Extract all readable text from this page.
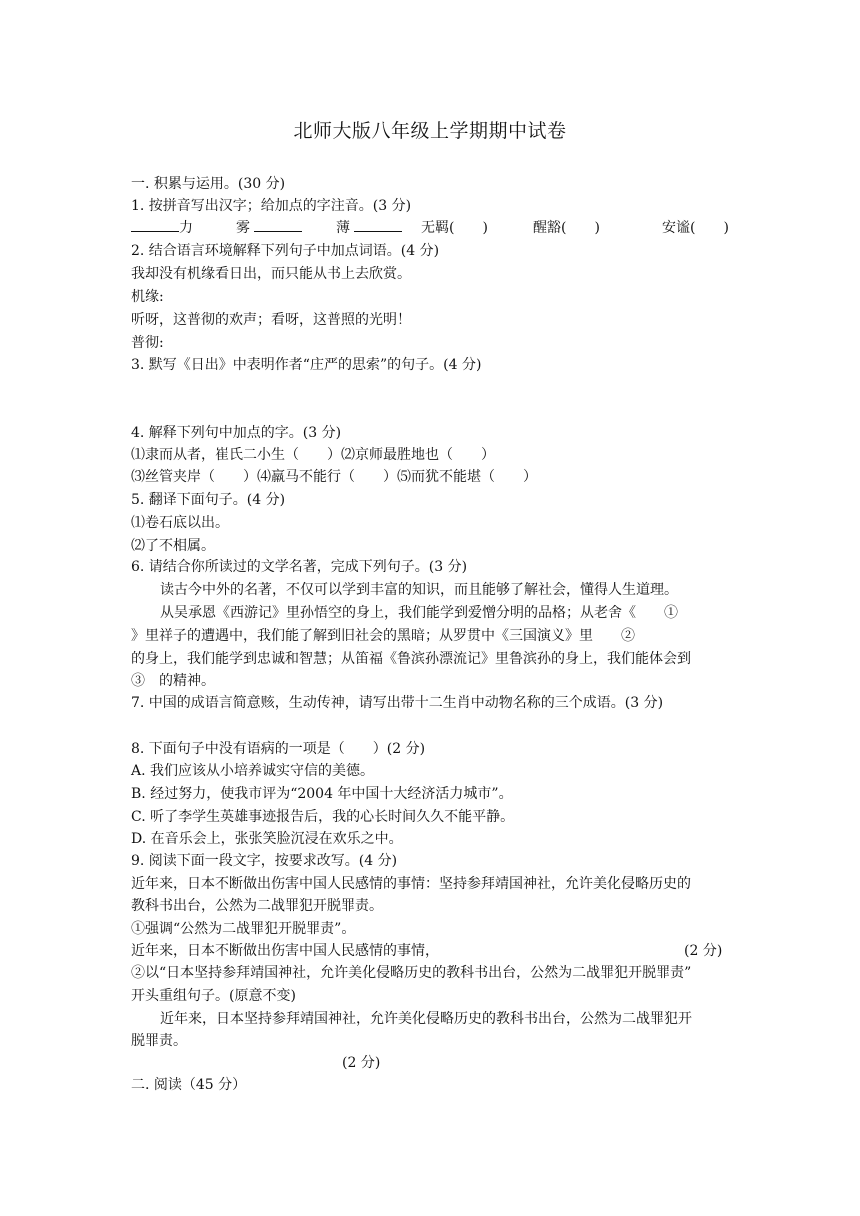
北师大版八年级上学期期中试卷
一. 积累与运用。(30 分)
1. 按拼音写出汉字；给加点的字注音。(3 分)
力	雾	薄	无羁(　　)	醒豁(　　)	安谧(　　)
2. 结合语言环境解释下列句子中加点词语。(4 分)
我却没有机缘看日出，而只能从书上去欣赏。
机缘:
听呀，这普彻的欢声；看呀，这普照的光明！
普彻:
3. 默写《日出》中表明作者“庄严的思索”的句子。(4 分)
4. 解释下列句中加点的字。(3 分)
⑴隶而从者，崔氏二小生（　　）⑵京师最胜地也（　　）
⑶丝管夹岸（　　）⑷羸马不能行（　　）⑸而犹不能堪（　　）
5. 翻译下面句子。(4 分)
⑴卷石底以出。
⑵了不相属。
6. 请结合你所读过的文学名著，完成下列句子。(3 分)
读古今中外的名著，不仅可以学到丰富的知识，而且能够了解社会，懂得人生道理。
从吴承恩《西游记》里孙悟空的身上，我们能学到爱憎分明的品格；从老舍《　　①
》里祥子的遭遇中，我们能了解到旧社会的黑暗；从罗贯中《三国演义》里　　②
的身上，我们能学到忠诚和智慧；从笛福《鲁滨孙漂流记》里鲁滨孙的身上，我们能体会到
③　的精神。
7. 中国的成语言简意赅，生动传神，请写出带十二生肖中动物名称的三个成语。(3 分)
8. 下面句子中没有语病的一项是（　　）(2 分)
A. 我们应该从小培养诚实守信的美德。
B. 经过努力，使我市评为“2004 年中国十大经济活力城市”。
C. 听了李学生英雄事迹报告后，我的心长时间久久不能平静。
D. 在音乐会上，张张笑脸沉浸在欢乐之中。
9. 阅读下面一段文字，按要求改写。(4 分)
近年来，日本不断做出伤害中国人民感情的事情：坚持参拜靖国神社，允许美化侵略历史的
教科书出台，公然为二战罪犯开脱罪责。
①强调“公然为二战罪犯开脱罪责”。
近年来，日本不断做出伤害中国人民感情的事情，	(2 分)
②以“日本坚持参拜靖国神社，允许美化侵略历史的教科书出台，公然为二战罪犯开脱罪责”
开头重组句子。(原意不变)
近年来，日本坚持参拜靖国神社，允许美化侵略历史的教科书出台，公然为二战罪犯开
脱罪责。
(2 分)
二. 阅读（45 分）
